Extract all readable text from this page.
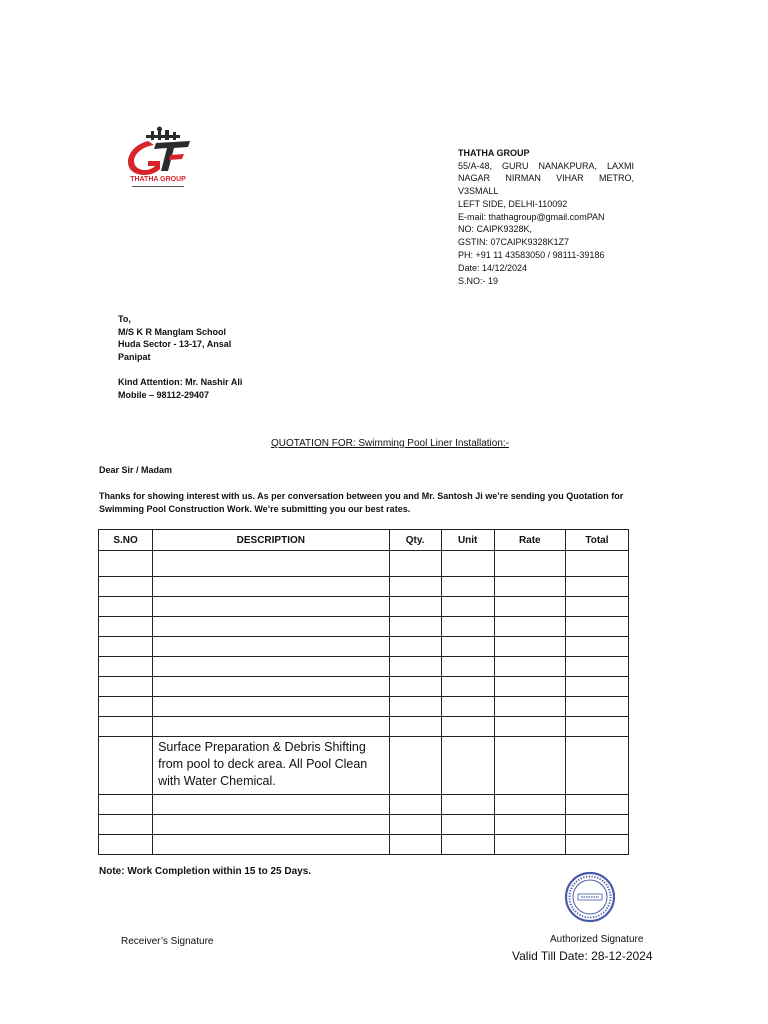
THATHA GROUP
THATHA GROUP
55/A-48, GURU NANAKPURA, LAXMI
NAGAR NIRMAN VIHAR METRO, V3SMALL
LEFT SIDE, DELHI-110092
E-mail: thathagroup@gmail.comPAN
NO: CAIPK9328K,
GSTIN: 07CAIPK9328K1Z7
PH: +91 11 43583050 / 98111-39186
Date: 14/12/2024
S.NO:- 19
To,
M/S K R Manglam School
Huda Sector - 13-17, Ansal
Panipat
Kind Attention: Mr. Nashir Ali
Mobile – 98112-29407
QUOTATION FOR: Swimming Pool Liner Installation:-
Dear Sir / Madam
Thanks for showing interest with us. As per conversation between you and Mr. Santosh Ji we’re sending you Quotation for Swimming Pool Construction Work. We’re submitting you our best rates.
S.NO	DESCRIPTION	Qty.	Unit	Rate	Total

	Surface Preparation & Debris Shifting from pool to deck area. All Pool Clean with Water Chemical.				

Note: Work Completion within 15 to 25 Days.
Receiver’s Signature	Authorized Signature
Valid Till Date: 28-12-2024
